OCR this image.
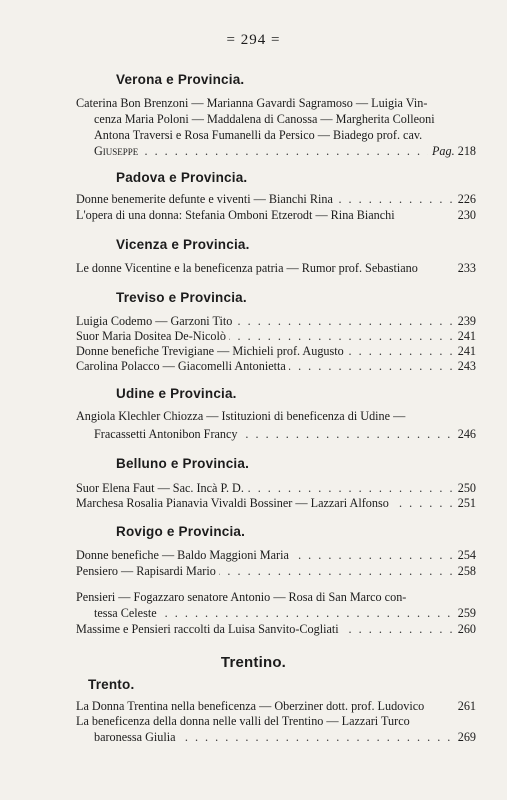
= 294 =
Verona e Provincia.
Caterina Bon Brenzoni — Marianna Gavardi Sagramoso — Luigia Vin-
cenza Maria Poloni — Maddalena di Canossa — Margherita Colleoni
Antona Traversi e Rosa Fumanelli da Persico — Biadego prof. cav.
Giuseppe	Pag. 218
. . .
Padova e Provincia.
Donne benemerite defunte e viventi — Bianchi Rina	226
. . .
L'opera di una donna: Stefania Omboni Etzerodt — Rina Bianchi	230
Vicenza e Provincia.
Le donne Vicentine e la beneficenza patria — Rumor prof. Sebastiano	233
Treviso e Provincia.
Luigia Codemo — Garzoni Tito	239
. . .
Suor Maria Dositea De-Nicolò	241
. . .
Donne benefiche Trevigiane — Michieli prof. Augusto	241
. . .
Carolina Polacco — Giacomelli Antonietta	243
. . .
Udine e Provincia.
Angiola Klechler Chiozza — Istituzioni di beneficenza di Udine —
Fracassetti Antonibon Francy	246
. . .
Belluno e Provincia.
Suor Elena Faut — Sac. Incà P. D.	250
. . .
Marchesa Rosalia Pianavia Vivaldi Bossiner — Lazzari Alfonso	251
. . .
Rovigo e Provincia.
Donne benefiche — Baldo Maggioni Maria	254
. . .
Pensiero — Rapisardi Mario	258
. . .
Pensieri — Fogazzaro senatore Antonio — Rosa di San Marco con-
tessa Celeste	259
. . .
Massime e Pensieri raccolti da Luisa Sanvito-Cogliati	260
. . .
Trentino.
Trento.
La Donna Trentina nella beneficenza — Oberziner dott. prof. Ludovico	261
La beneficenza della donna nelle valli del Trentino — Lazzari Turco
baronessa Giulia	269
. . .
